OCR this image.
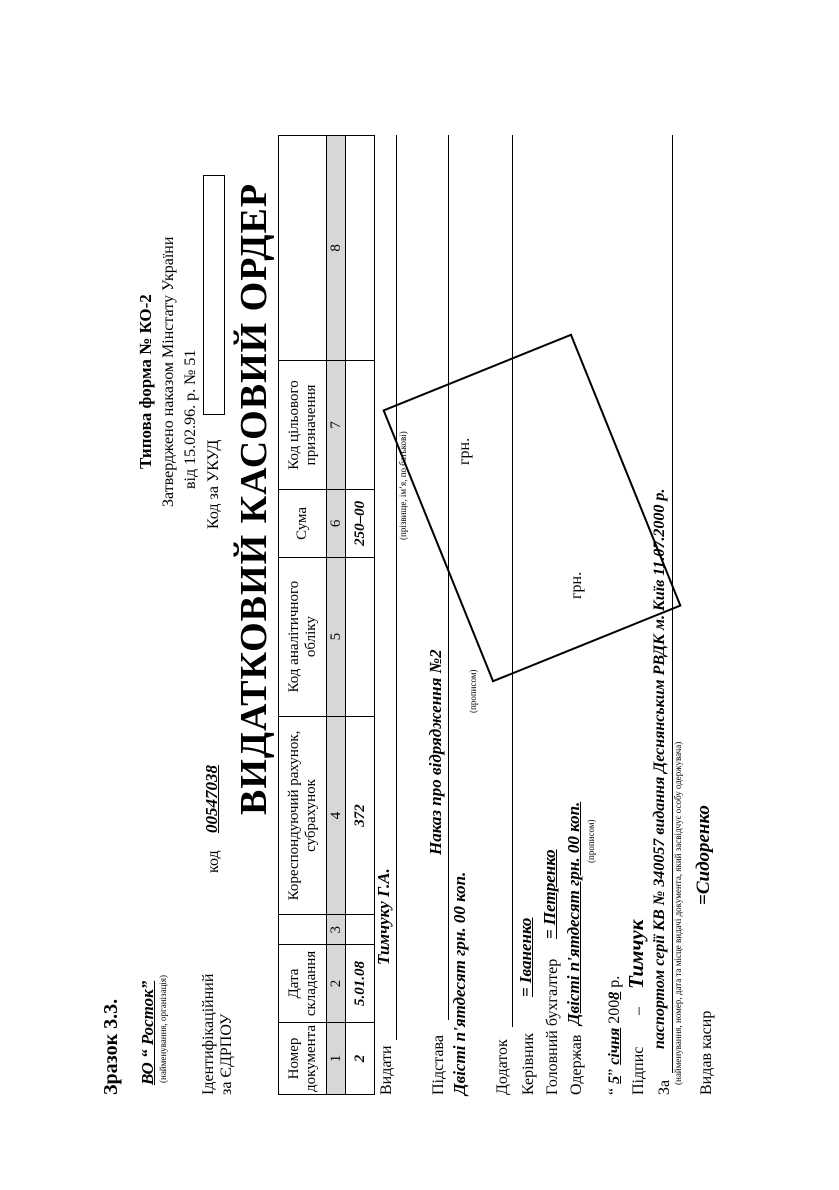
Зразок 3.3. ВО “ Росток” (найменування, організація)
Типова форма № КО-2 Затверджено наказом Мінстату України від 15.02.96. р. № 51 Код за УКУД
Ідентифікаційний за ЄДРПОУ
код
00547038 ВИДАТКОВИЙ КАСОВИЙ ОРДЕР
Номер документа	Дата складання		Кореспондуючий рахунок, субрахунок	Код аналітичного обліку	Сума	Код цільового призначення	
1	2	3	4	5	6	7	8
2	5.01.08		372		250–00		
Видати
Тимчуку Г.А.
(прізвище, ім’я, по батькові)
Підстава
Наказ про відрядження №2
Двісті п'ятдесят грн. 00 коп.
(прописом)
грн.
Додаток Керівник
= Іваненко
Головний бухгалтер
= Петренко
Одержав
Двісті п'ятдесят грн. 00 коп. (прописом)
грн.
“ 5” січня 2008 р.
Підпис
–
Тимчук
За
паспортом серії КВ № 340057 видання Деснянським РВДК м. Київ 11.07.2000 р. (найменування, номер, дата та місце видачі документа, який засвідчує особу одержувача) Видав касир
=Сидоренко
